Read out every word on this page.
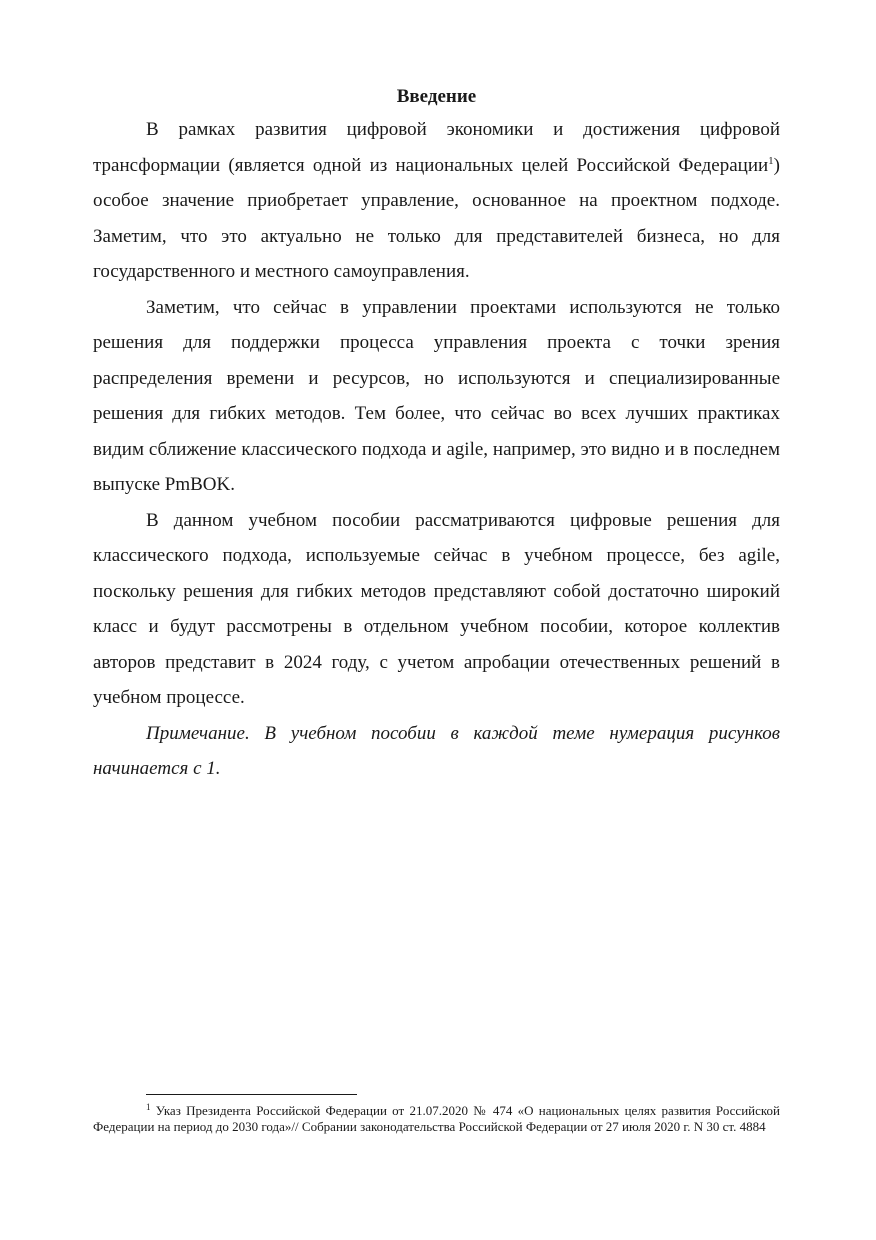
Введение

В рамках развития цифровой экономики и достижения цифровой трансформации (является одной из национальных целей Российской Федерации$^1$) особое значение приобретает управление, основанное на проектном подходе. Заметим, что это актуально не только для представителей бизнеса, но для государственного и местного самоуправления.

Заметим, что сейчас в управлении проектами используются не только решения для поддержки процесса управления проекта с точки зрения распределения времени и ресурсов, но используются и специализированные решения для гибких методов. Тем более, что сейчас во всех лучших практиках видим сближение классического подхода и agile, например, это видно и в последнем выпуске PmBOK.

В данном учебном пособии рассматриваются цифровые решения для классического подхода, используемые сейчас в учебном процессе, без agile, поскольку решения для гибких методов представляют собой достаточно широкий класс и будут рассмотрены в отдельном учебном пособии, которое коллектив авторов представит в 2024 году, с учетом апробации отечественных решений в учебном процессе.

Примечание. В учебном пособии в каждой теме нумерация рисунков начинается с 1.

$^1$ Указ Президента Российской Федерации от 21.07.2020 № 474 «О национальных целях развития Российской Федерации на период до 2030 года»// Собрании законодательства Российской Федерации от 27 июля 2020 г. N 30 ст. 4884
